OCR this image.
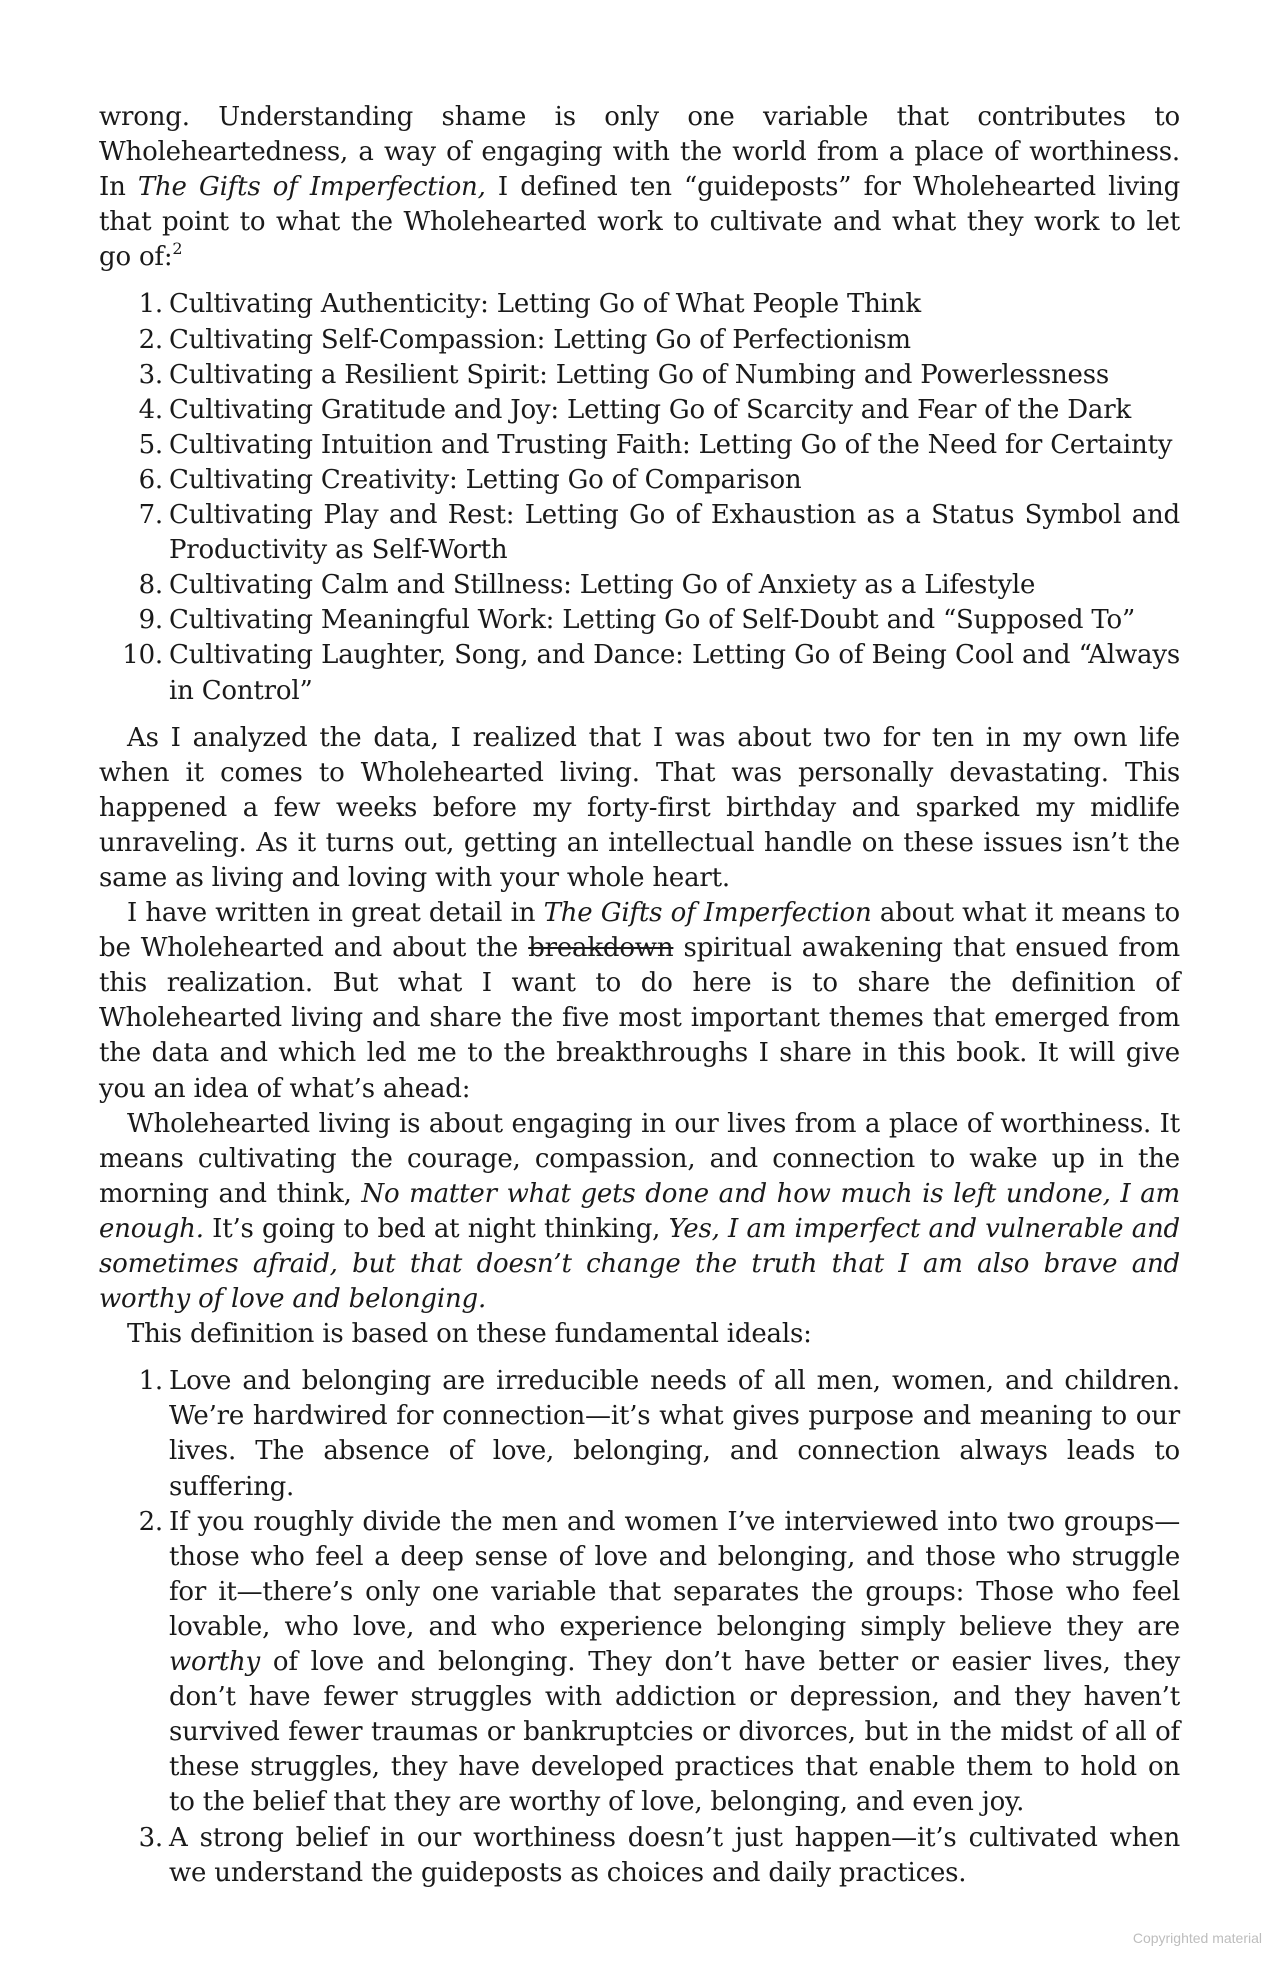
wrong. Understanding shame is only one variable that contributes to Wholeheartedness, a way of engaging with the world from a place of worthiness. In The Gifts of Imperfection, I defined ten “guideposts” for Wholehearted living that point to what the Wholehearted work to cultivate and what they work to let go of:$^2$

1. Cultivating Authenticity: Letting Go of What People Think
2. Cultivating Self-Compassion: Letting Go of Perfectionism
3. Cultivating a Resilient Spirit: Letting Go of Numbing and Powerlessness
4. Cultivating Gratitude and Joy: Letting Go of Scarcity and Fear of the Dark
5. Cultivating Intuition and Trusting Faith: Letting Go of the Need for Certainty
6. Cultivating Creativity: Letting Go of Comparison
7. Cultivating Play and Rest: Letting Go of Exhaustion as a Status Symbol and Productivity as Self-Worth
8. Cultivating Calm and Stillness: Letting Go of Anxiety as a Lifestyle
9. Cultivating Meaningful Work: Letting Go of Self-Doubt and “Supposed To”
10. Cultivating Laughter, Song, and Dance: Letting Go of Being Cool and “Always in Control”

As I analyzed the data, I realized that I was about two for ten in my own life when it comes to Wholehearted living. That was personally devastating. This happened a few weeks before my forty-first birthday and sparked my midlife unraveling. As it turns out, getting an intellectual handle on these issues isn’t the same as living and loving with your whole heart.

I have written in great detail in The Gifts of Imperfection about what it means to be Wholehearted and about the breakdown spiritual awakening that ensued from this realization. But what I want to do here is to share the definition of Wholehearted living and share the five most important themes that emerged from the data and which led me to the breakthroughs I share in this book. It will give you an idea of what’s ahead:

Wholehearted living is about engaging in our lives from a place of worthiness. It means cultivating the courage, compassion, and connection to wake up in the morning and think, No matter what gets done and how much is left undone, I am enough. It’s going to bed at night thinking, Yes, I am imperfect and vulnerable and sometimes afraid, but that doesn’t change the truth that I am also brave and worthy of love and belonging.

This definition is based on these fundamental ideals:

1. Love and belonging are irreducible needs of all men, women, and children. We’re hardwired for connection—it’s what gives purpose and meaning to our lives. The absence of love, belonging, and connection always leads to suffering.
2. If you roughly divide the men and women I’ve interviewed into two groups—those who feel a deep sense of love and belonging, and those who struggle for it—there’s only one variable that separates the groups: Those who feel lovable, who love, and who experience belonging simply believe they are worthy of love and belonging. They don’t have better or easier lives, they don’t have fewer struggles with addiction or depression, and they haven’t survived fewer traumas or bankruptcies or divorces, but in the midst of all of these struggles, they have developed practices that enable them to hold on to the belief that they are worthy of love, belonging, and even joy.
3. A strong belief in our worthiness doesn’t just happen—it’s cultivated when we understand the guideposts as choices and daily practices.
Copyrighted material
